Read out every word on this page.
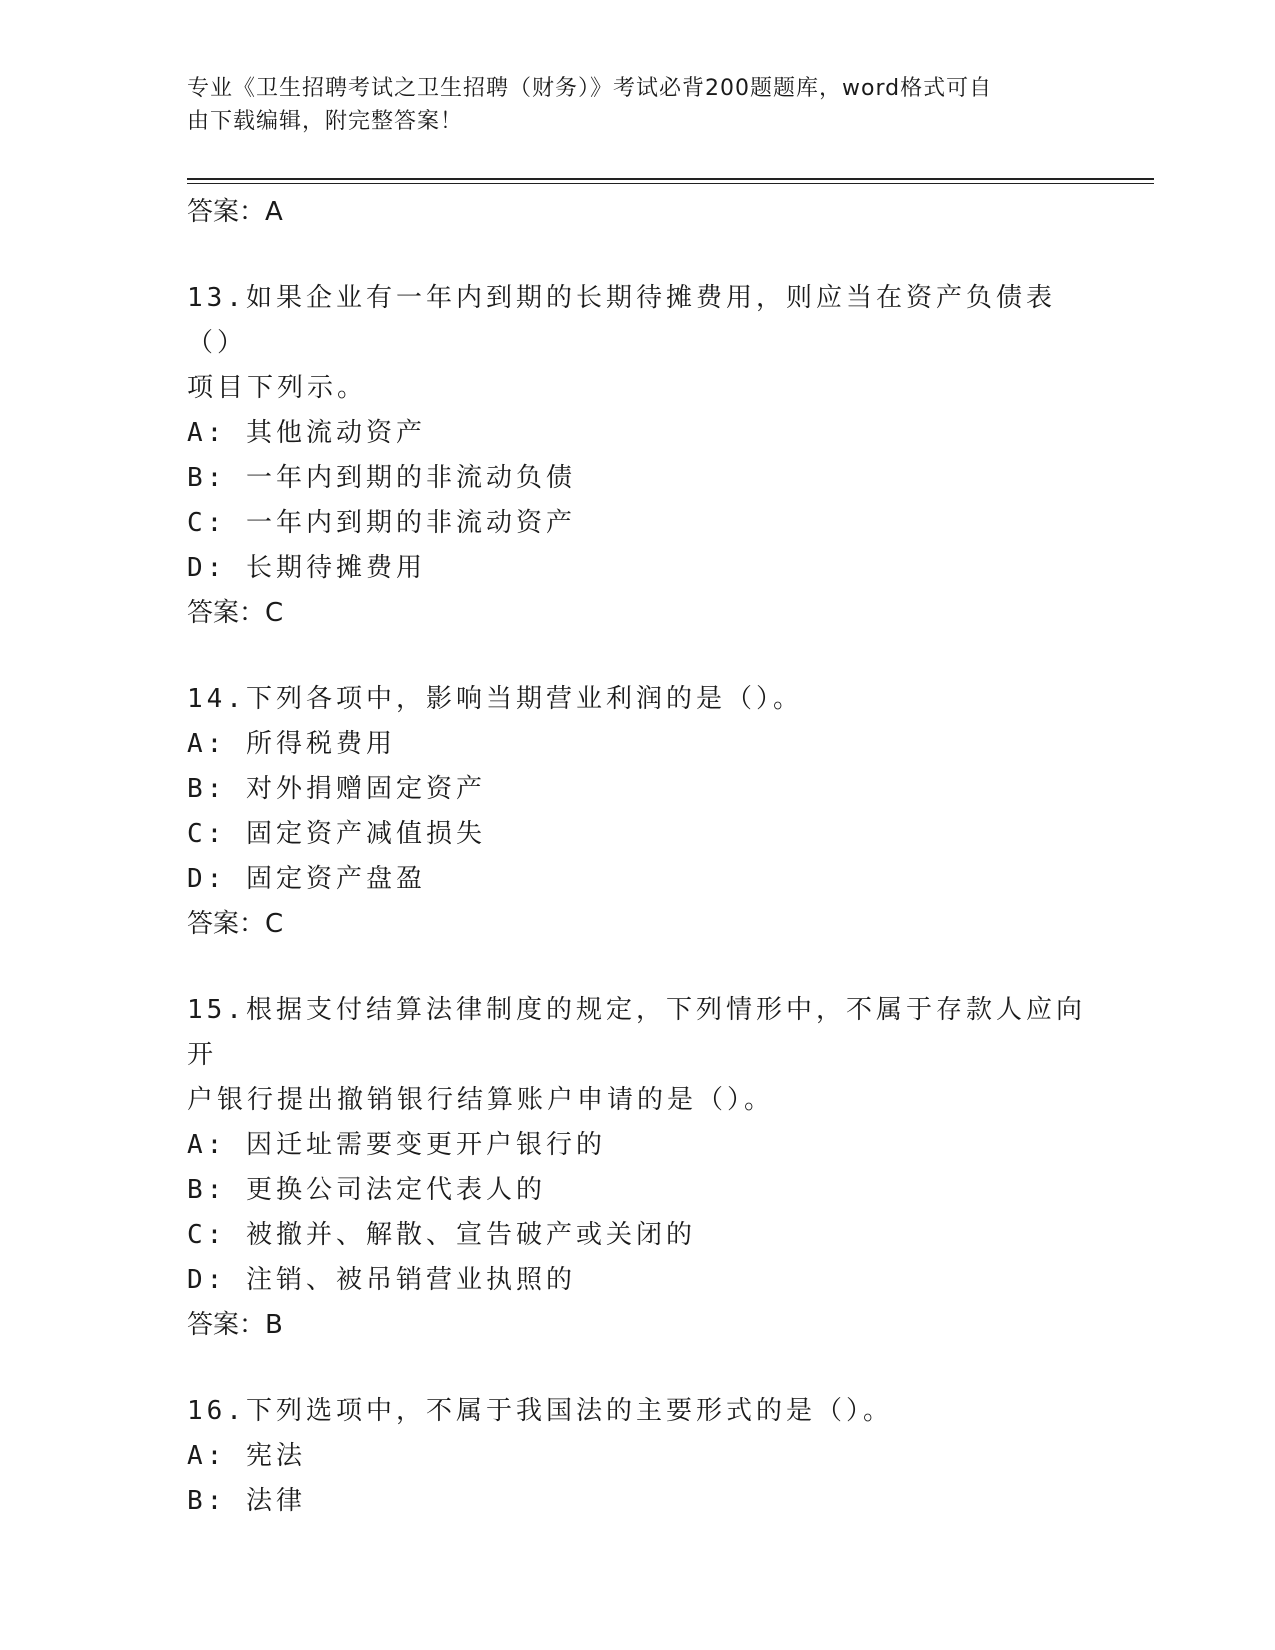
专业《卫生招聘考试之卫生招聘（财务）》考试必背200题题库，word格式可自
由下载编辑，附完整答案！
答案：A
13.如果企业有一年内到期的长期待摊费用，则应当在资产负债表（）
项目下列示。
A: 其他流动资产
B: 一年内到期的非流动负债
C: 一年内到期的非流动资产
D: 长期待摊费用
答案：C
14.下列各项中，影响当期营业利润的是（）。
A: 所得税费用
B: 对外捐赠固定资产
C: 固定资产减值损失
D: 固定资产盘盈
答案：C
15.根据支付结算法律制度的规定，下列情形中，不属于存款人应向开
户银行提出撤销银行结算账户申请的是（）。
A: 因迁址需要变更开户银行的
B: 更换公司法定代表人的
C: 被撤并、解散、宣告破产或关闭的
D: 注销、被吊销营业执照的
答案：B
16.下列选项中，不属于我国法的主要形式的是（）。
A: 宪法
B: 法律
